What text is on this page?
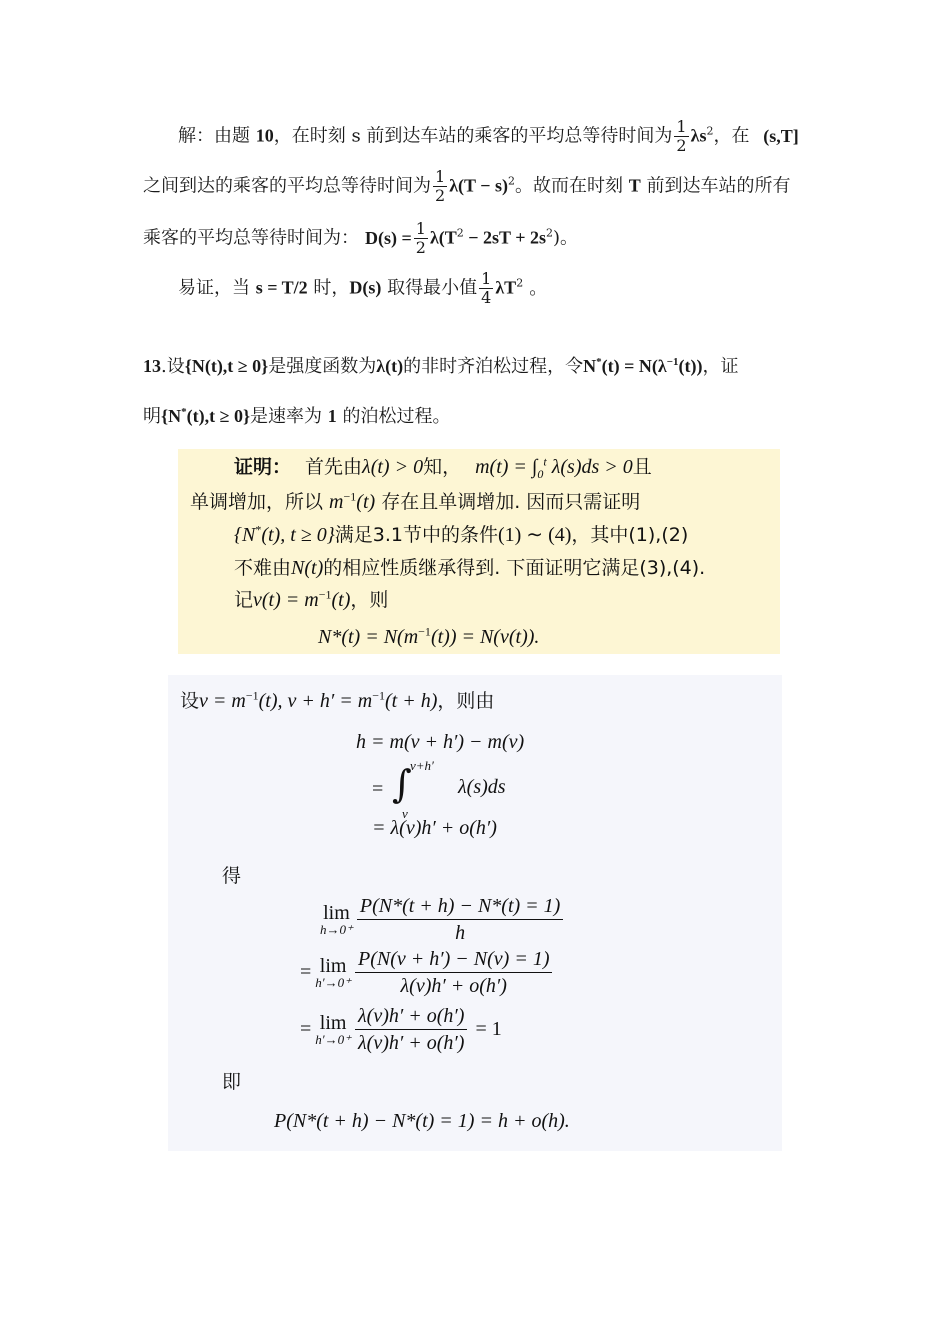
解：由题 10，在时刻 s 前到达车站的乘客的平均总等待时间为 $\frac{1}{2} \lambda s^2$，在 (s,T]
之间到达的乘客的平均总等待时间为 $\frac{1}{2} \lambda(T - s)^2$。故而在时刻 T 前到达车站的所有
乘客的平均总等待时间为： $D(s) = \frac{1}{2} \lambda(T^2 - 2sT + 2s^2)$。
易证，当 s = T/2 时，D(s) 取得最小值 $\frac{1}{4} \lambda T^2$ 。
13.设{N(t),t ≥ 0}是强度函数为λ(t)的非时齐泊松过程，令$N^*(t) = N(\lambda^{-1}(t))$，证
明{N*(t),t ≥ 0}是速率为 1 的泊松过程。
证明： 首先由λ(t) > 0知， $m(t) = \int_0^t$ λ(s)ds > 0且
单调增加，所以 $m^{-1}(t)$ 存在且单调增加. 因而只需证明
{N*(t), t ≥ 0}满足3.1节中的条件(1) ∼ (4)，其中(1),(2)
不难由N(t)的相应性质继承得到. 下面证明它满足(3),(4).
记$v(t) = m^{-1}(t)$，则
$N*(t) = N(m^{-1}(t)) = N(v(t))$.
设$v = m^{-1}(t)$, $v + h' = m^{-1}(t + h)$，则由
h = m(v + h′) − m(v)
= ∫
v+h′
v
λ(s)ds
= λ(v)h′ + o(h′)
得
lim
$h\to 0^+ \frac{P(N*(t + h) - N*(t) = 1)}{h}$
= lim
$h'\to 0^+ \frac{P(N(v + h') - N(v) = 1)}{\lambda(v)h' + o(h')}$
= lim
$h'\to 0^+ \frac{\lambda(v)h' + o(h')}{\lambda(v)h' + o(h')} = 1$
即
P(N*(t + h) − N*(t) = 1) = h + o(h).
